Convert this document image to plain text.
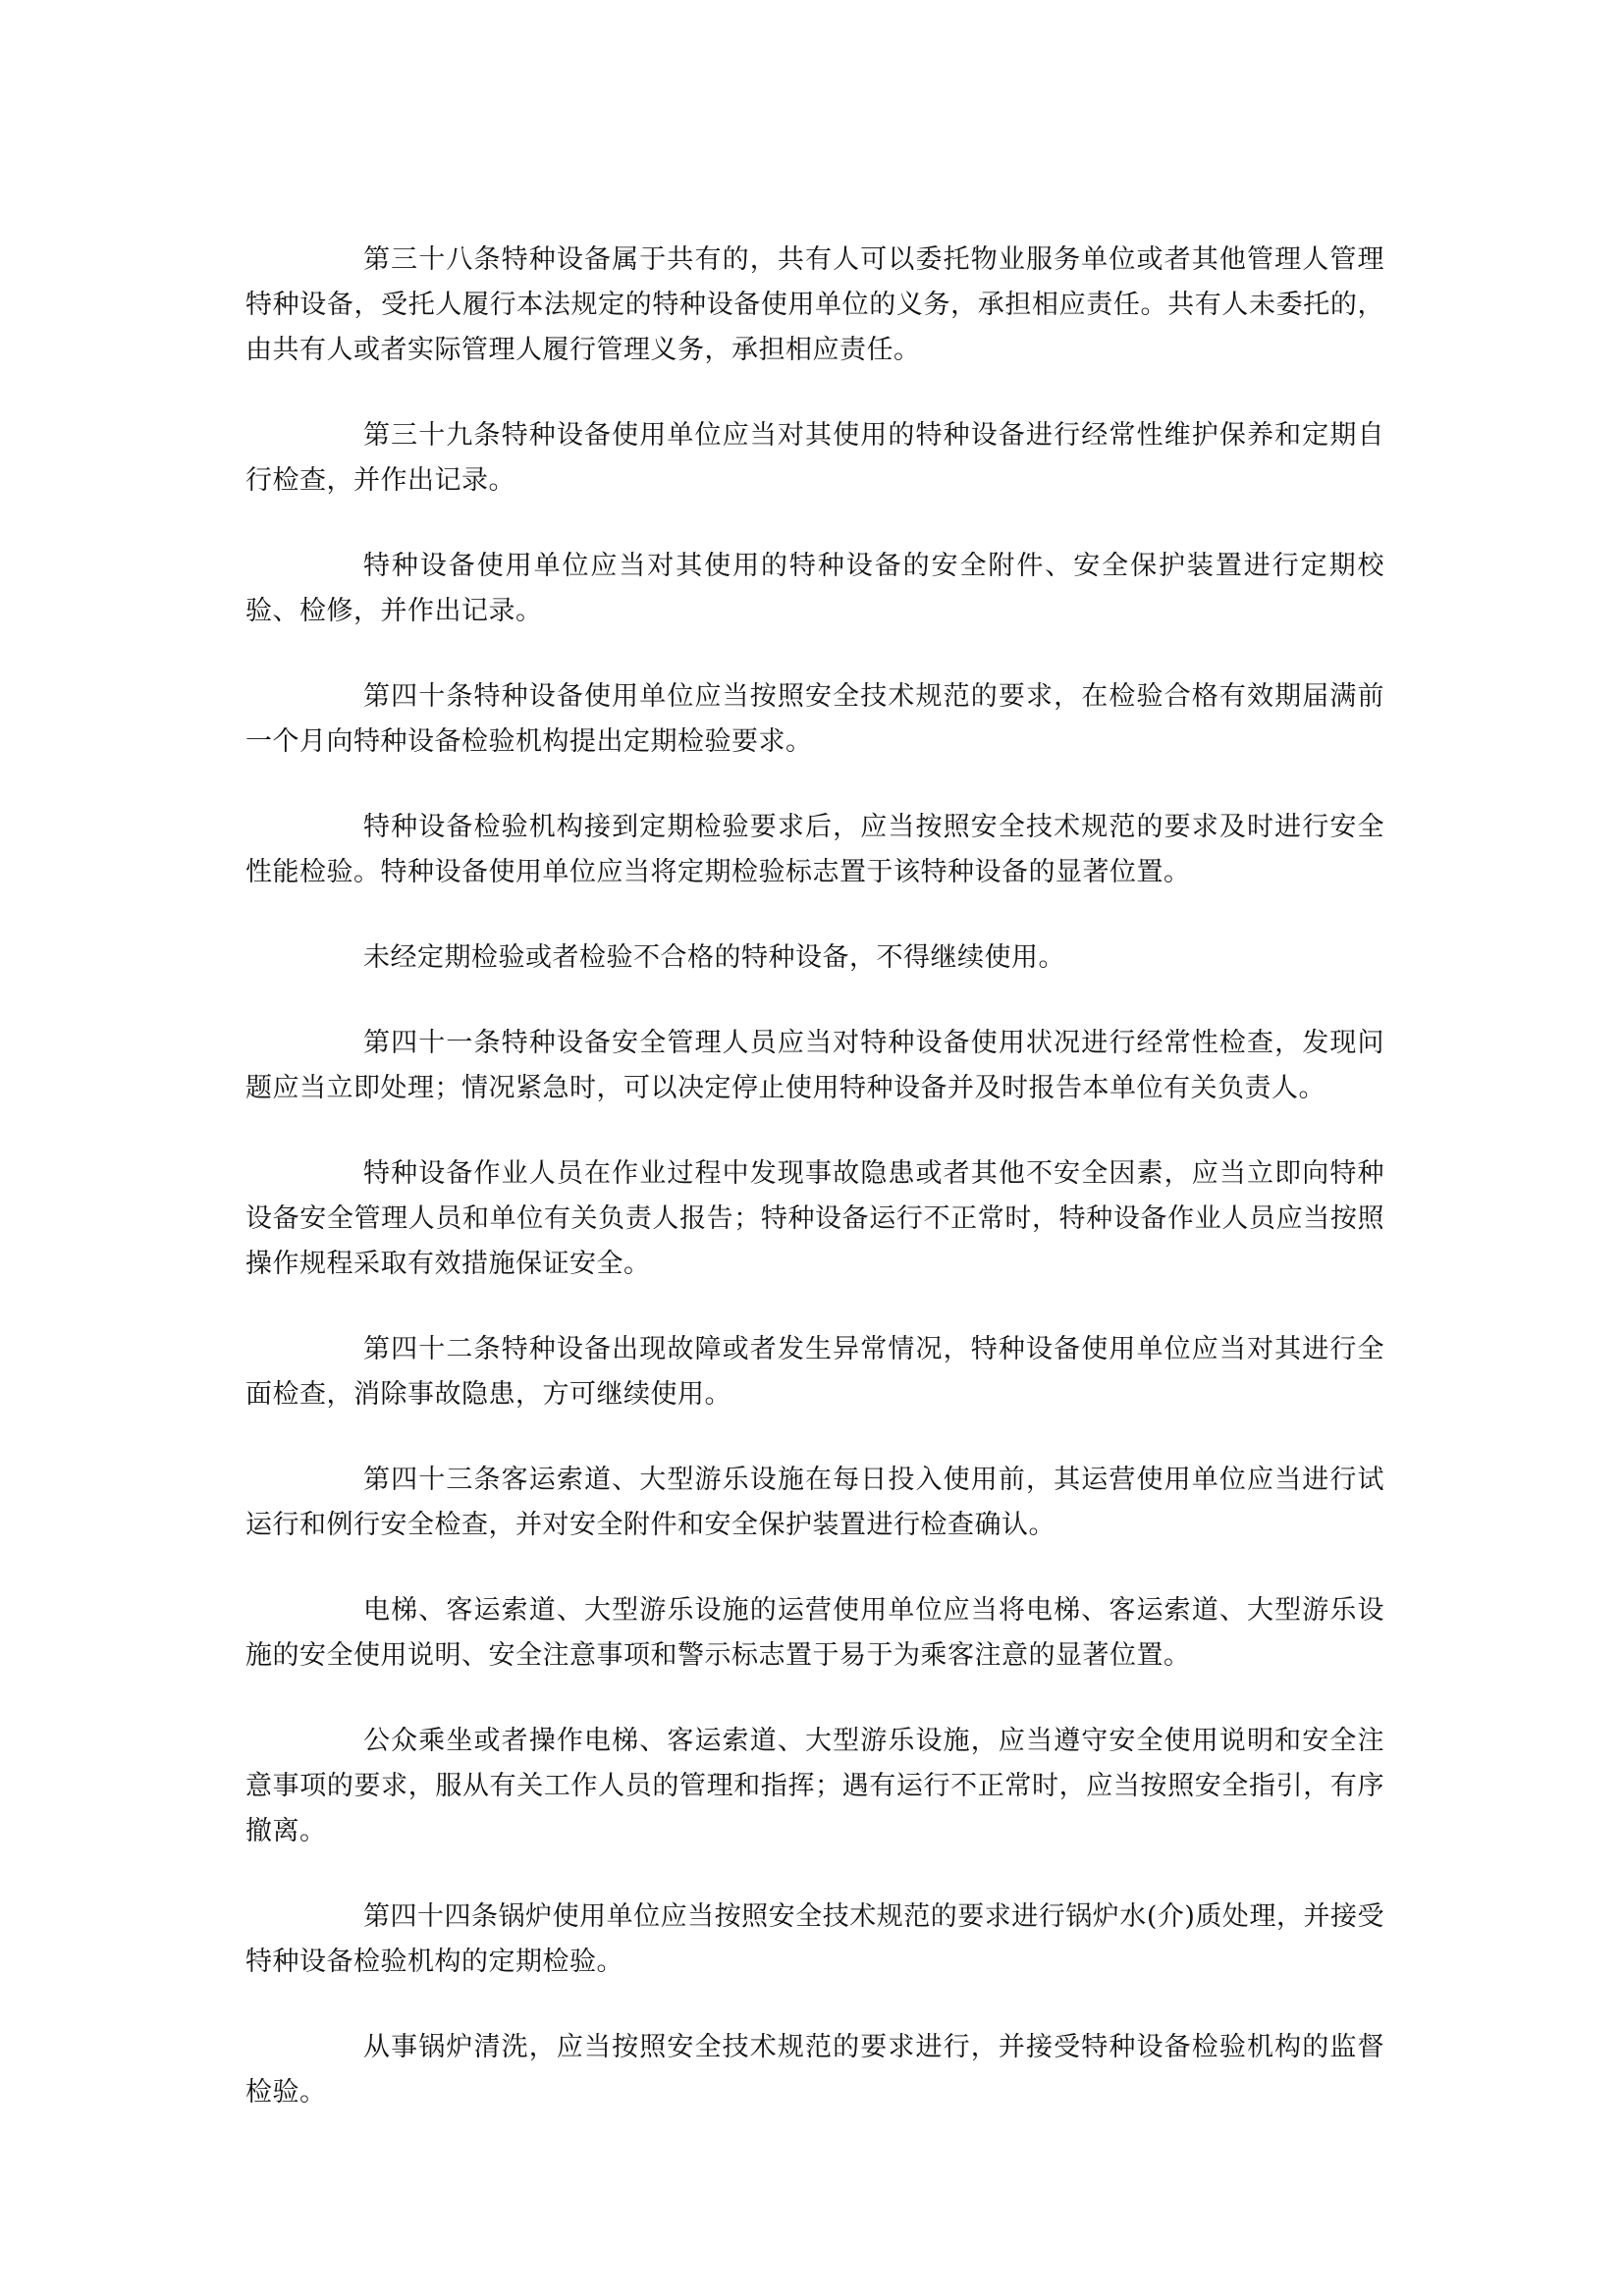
第三十八条特种设备属于共有的，共有人可以委托物业服务单位或者其他管理人管理特种设备，受托人履行本法规定的特种设备使用单位的义务，承担相应责任。共有人未委托的，由共有人或者实际管理人履行管理义务，承担相应责任。

第三十九条特种设备使用单位应当对其使用的特种设备进行经常性维护保养和定期自行检查，并作出记录。

特种设备使用单位应当对其使用的特种设备的安全附件、安全保护装置进行定期校验、检修，并作出记录。

第四十条特种设备使用单位应当按照安全技术规范的要求，在检验合格有效期届满前一个月向特种设备检验机构提出定期检验要求。

特种设备检验机构接到定期检验要求后，应当按照安全技术规范的要求及时进行安全性能检验。特种设备使用单位应当将定期检验标志置于该特种设备的显著位置。

未经定期检验或者检验不合格的特种设备，不得继续使用。

第四十一条特种设备安全管理人员应当对特种设备使用状况进行经常性检查，发现问题应当立即处理；情况紧急时，可以决定停止使用特种设备并及时报告本单位有关负责人。

特种设备作业人员在作业过程中发现事故隐患或者其他不安全因素，应当立即向特种设备安全管理人员和单位有关负责人报告；特种设备运行不正常时，特种设备作业人员应当按照操作规程采取有效措施保证安全。

第四十二条特种设备出现故障或者发生异常情况，特种设备使用单位应当对其进行全面检查，消除事故隐患，方可继续使用。

第四十三条客运索道、大型游乐设施在每日投入使用前，其运营使用单位应当进行试运行和例行安全检查，并对安全附件和安全保护装置进行检查确认。

电梯、客运索道、大型游乐设施的运营使用单位应当将电梯、客运索道、大型游乐设施的安全使用说明、安全注意事项和警示标志置于易于为乘客注意的显著位置。

公众乘坐或者操作电梯、客运索道、大型游乐设施，应当遵守安全使用说明和安全注意事项的要求，服从有关工作人员的管理和指挥；遇有运行不正常时，应当按照安全指引，有序撤离。

第四十四条锅炉使用单位应当按照安全技术规范的要求进行锅炉水(介)质处理，并接受特种设备检验机构的定期检验。

从事锅炉清洗，应当按照安全技术规范的要求进行，并接受特种设备检验机构的监督检验。
